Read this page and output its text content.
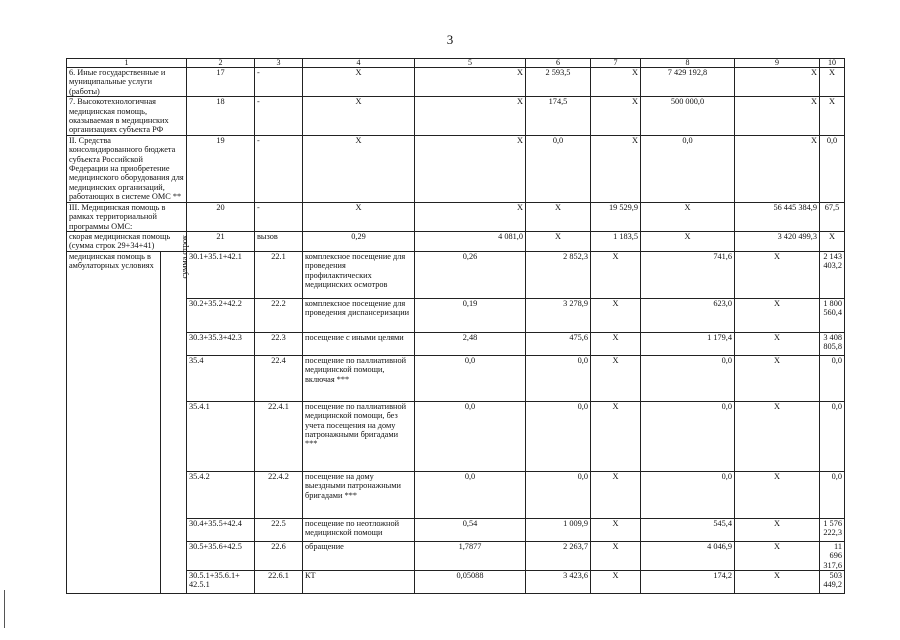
3
1		2	3	4	5	6	7	8	9	10	
6. Иные государственные и муниципальные услуги (работы)		17	-	X	X	2 593,5	X	7 429 192,8	X	X	
7. Высокотехнологичная медицинская помощь, оказываемая в медицинских организациях субъекта РФ		18	-	X	X	174,5	X	500 000,0	X	X	
II. Средства консолидированного бюджета субъекта Российской Федерации на приобретение медицинского оборудования для медицинских организаций, работающих в системе ОМС **		19	-	X	X	0,0	X	0,0	X	0,0	
III. Медицинская помощь в рамках территориальной программы ОМС:		20	-	X	X	X	19 529,9	X	56 445 384,9	67,5	
скорая медицинская помощь (сумма строк 29+34+41)		21	вызов	0,29	4 081,0	X	1 183,5	X	3 420 499,3	X	
медицинская помощь в амбулаторных условиях	сумма строк	30.1+35.1+42.1	22.1	комплексное посещение для проведения профилактических медицинских осмотров	0,26	2 852,3	X	741,6	X	2 143 403,2	
		30.2+35.2+42.2	22.2	комплексное посещение для проведения диспансеризации	0,19	3 278,9	X	623,0	X	1 800 560,4	
		30.3+35.3+42.3	22.3	посещение с иными целями	2,48	475,6	X	1 179,4	X	3 408 805,8	
		35.4	22.4	посещение по паллиативной медицинской помощи, включая ***	0,0	0,0	X	0,0	X	0,0	
		35.4.1	22.4.1	посещение по паллиативной медицинской помощи, без учета посещения на дому патронажными бригадами ***	0,0	0,0	X	0,0	X	0,0	
		35.4.2	22.4.2	посещение на дому выездными патронажными бригадами ***	0,0	0,0	X	0,0	X	0,0	
		30.4+35.5+42.4	22.5	посещение по неотложной медицинской помощи	0,54	1 009,9	X	545,4	X	1 576 222,3	
		30.5+35.6+42.5	22.6	обращение	1,7877	2 263,7	X	4 046,9	X	11 696 317,6	
		30.5.1+35.6.1+ 42.5.1	22.6.1	КТ	0,05088	3 423,6	X	174,2	X	503 449,2	
